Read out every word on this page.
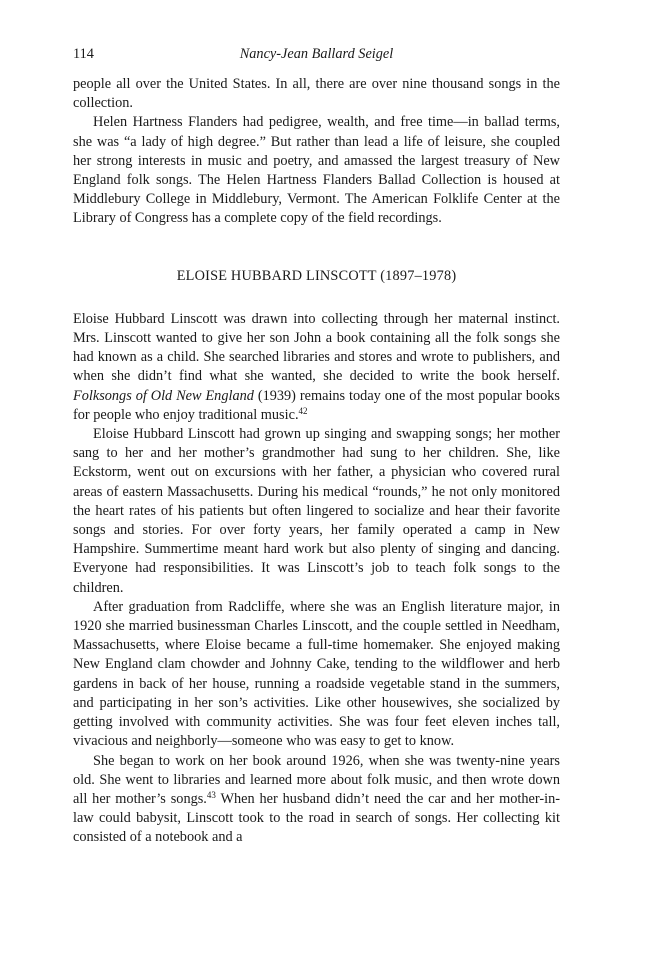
114	Nancy-Jean Ballard Seigel

people all over the United States. In all, there are over nine thousand songs in the collection.

Helen Hartness Flanders had pedigree, wealth, and free time—in ballad terms, she was “a lady of high degree.” But rather than lead a life of leisure, she coupled her strong interests in music and poetry, and amassed the largest treasury of New England folk songs. The Helen Hartness Flanders Ballad Collection is housed at Middlebury College in Middlebury, Vermont. The American Folklife Center at the Library of Congress has a complete copy of the field recordings.

ELOISE HUBBARD LINSCOTT (1897–1978)

Eloise Hubbard Linscott was drawn into collecting through her maternal instinct. Mrs. Linscott wanted to give her son John a book containing all the folk songs she had known as a child. She searched libraries and stores and wrote to publishers, and when she didn’t find what she wanted, she decided to write the book herself. Folksongs of Old New England (1939) remains today one of the most popular books for people who enjoy traditional music.$^{42}$

Eloise Hubbard Linscott had grown up singing and swapping songs; her mother sang to her and her mother’s grandmother had sung to her children. She, like Eckstorm, went out on excursions with her father, a physician who covered rural areas of eastern Massachusetts. During his medical “rounds,” he not only monitored the heart rates of his patients but often lingered to socialize and hear their favorite songs and stories. For over forty years, her family operated a camp in New Hampshire. Summertime meant hard work but also plenty of singing and dancing. Everyone had responsibilities. It was Linscott’s job to teach folk songs to the children.

After graduation from Radcliffe, where she was an English literature major, in 1920 she married businessman Charles Linscott, and the couple settled in Needham, Massachusetts, where Eloise became a full-time homemaker. She enjoyed making New England clam chowder and Johnny Cake, tending to the wildflower and herb gardens in back of her house, running a roadside vegetable stand in the summers, and participating in her son’s activities. Like other housewives, she socialized by getting involved with community activities. She was four feet eleven inches tall, vivacious and neighborly—someone who was easy to get to know.

She began to work on her book around 1926, when she was twenty-nine years old. She went to libraries and learned more about folk music, and then wrote down all her mother’s songs.$^{43}$ When her husband didn’t need the car and her mother-in-law could babysit, Linscott took to the road in search of songs. Her collecting kit consisted of a notebook and a
